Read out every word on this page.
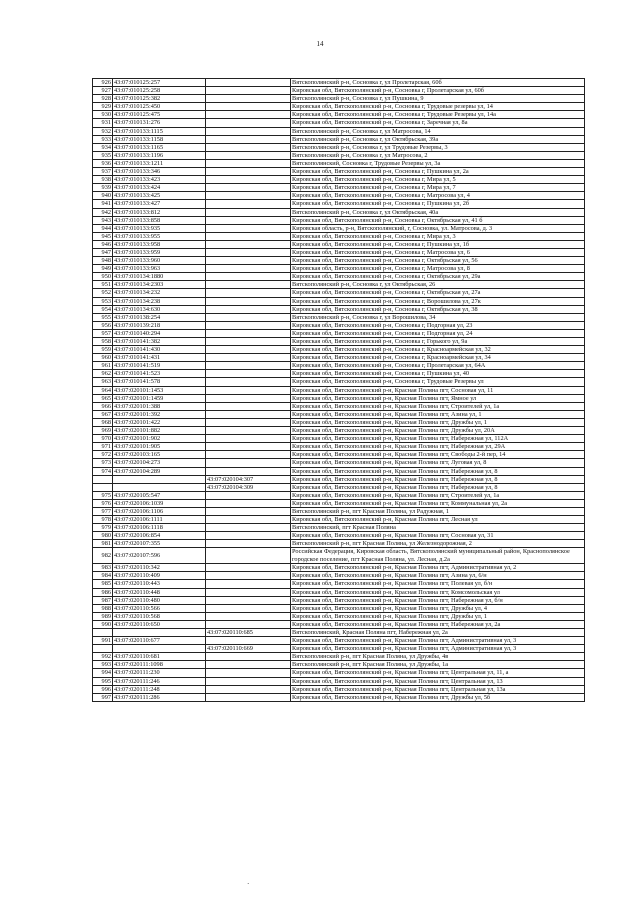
14
926	43:07:010125:257		Вятскополянский р-н, Сосновка г, ул Пролетарская, 60б
927	43:07:010125:258		Кировская обл, Вятскополянский р-н, Сосновка г, Пролетарская ул, 60б
928	43:07:010125:382		Вятскополянский р-н, Сосновка г, ул Пушкина, 9
929	43:07:010125:450		Кировская обл, Вятскополянский р-н, Сосновка г, Трудовые резервы ул, 14
930	43:07:010125:475		Кировская обл, Вятскополянский р-н, Сосновка г, Трудовые Резервы ул, 14а
931	43:07:010131:276		Кировская обл, Вятскополянский р-н, Сосновка г, Заречная ул, 8а
932	43:07:010133:1115		Вятскополянский р-н, Сосновка г, ул Матросова, 14
933	43:07:010133:1158		Вятскополянский р-н, Сосновка г, ул Октябрьская, 39а
934	43:07:010133:1165		Вятскополянский р-н, Сосновка г, ул Трудовые Резервы, 3
935	43:07:010133:1196		Вятскополянский р-н, Сосновка г, ул Матросова, 2
936	43:07:010133:1211		Вятскополянский, Сосновка г, Трудовые Резервы ул, 3а
937	43:07:010133:346		Кировская обл, Вятскополянский р-н, Сосновка г, Пушкина ул, 2а
938	43:07:010133:423		Кировская обл, Вятскополянский р-н, Сосновка г, Мира ул, 5
939	43:07:010133:424		Кировская обл, Вятскополянский р-н, Сосновка г, Мира ул, 7
940	43:07:010133:425		Кировская обл, Вятскополянский р-н, Сосновка г, Матросова ул, 4
941	43:07:010133:427		Кировская обл, Вятскополянский р-н, Сосновка г, Пушкина ул, 2б
942	43:07:010133:812		Вятскополянский р-н, Сосновка г, ул Октябрьская, 40а
943	43:07:010133:858		Кировская обл, Вятскополянский р-н, Сосновка г, Октябрьская ул, 41 б
944	43:07:010133:935		Кировская область, р-н, Вятскополянский, г, Сосновка, ул. Матросова, д. 3
945	43:07:010133:955		Кировская обл, Вятскополянский р-н, Сосновка г, Мира ул, 3
946	43:07:010133:958		Кировская обл, Вятскополянский р-н, Сосновка г, Пушкина ул, 1б
947	43:07:010133:959		Кировская обл, Вятскополянский р-н, Сосновка г, Матросова ул, 6
948	43:07:010133:960		Кировская обл, Вятскополянский р-н, Сосновка г, Октябрьская ул, 56
949	43:07:010133:963		Кировская обл, Вятскополянский р-н, Сосновка г, Матросова ул, 8
950	43:07:010134:1880		Кировская обл, Вятскополянский р-н, Сосновка г, Октябрьская ул, 29а
951	43:07:010134:2303		Вятскополянский р-н, Сосновка г, ул Октябрьская, 26
952	43:07:010134:232		Кировская обл, Вятскополянский р-н, Сосновка г, Октябрьская ул, 27а
953	43:07:010134:238		Кировская обл, Вятскополянский р-н, Сосновка г, Ворошилова ул, 27к
954	43:07:010134:630		Кировская обл, Вятскополянский р-н, Сосновка г, Октябрьская ул, 38
955	43:07:010138:254		Вятскополянский р-н, Сосновка г, ул Ворошилова, 34
956	43:07:010139:218		Кировская обл, Вятскополянский р-н, Сосновка г, Подгорная ул, 23
957	43:07:010140:294		Кировская обл, Вятскополянский р-н, Сосновка г, Подгорная ул, 24
958	43:07:010141:382		Кировская обл, Вятскополянский р-н, Сосновка г, Горького ул, 9а
959	43:07:010141:430		Кировская обл, Вятскополянский р-н, Сосновка г, Красноармейская ул, 32
960	43:07:010141:431		Кировская обл, Вятскополянский р-н, Сосновка г, Красноармейская ул, 34
961	43:07:010141:519		Кировская обл, Вятскополянский р-н, Сосновка г, Пролетарская ул, 64А
962	43:07:010141:523		Кировская обл, Вятскополянский р-н, Сосновка г, Пушкина ул, 40
963	43:07:010141:578		Кировская обл, Вятскополянский р-н, Сосновка г, Трудовые Резервы ул
964	43:07:020101:1453		Кировская обл, Вятскополянский р-н, Красная Поляна пгт, Сосновая ул, 11
965	43:07:020101:1459		Кировская обл, Вятскополянский р-н, Красная Поляна пгт, Ямное ул
966	43:07:020101:388		Кировская обл, Вятскополянский р-н, Красная Поляна пгт, Строителей ул, 1а
967	43:07:020101:392		Кировская обл, Вятскополянский р-н, Красная Поляна пгт, Азина ул, 1
968	43:07:020101:422		Кировская обл, Вятскополянский р-н, Красная Поляна пгт, Дружбы ул, 1
969	43:07:020101:882		Кировская обл, Вятскополянский р-н, Красная Поляна пгт, Дружбы ул, 20А
970	43:07:020101:902		Кировская обл, Вятскополянский р-н, Красная Поляна пгт, Набережная ул, 112А
971	43:07:020101:905		Кировская обл, Вятскополянский р-н, Красная Поляна пгт, Набережная ул, 29А
972	43:07:020103:165		Кировская обл, Вятскополянский р-н, Красная Поляна пгт, Свободы 2-й пер, 14
973	43:07:020104:273		Кировская обл, Вятскополянский р-н, Красная Поляна пгт, Луговая ул, 8
974	43:07:020104:289		Кировская обл, Вятскополянский р-н, Красная Поляна пгт, Набережная ул, 8
		43:07:020104:307	Кировская обл, Вятскополянский р-н, Красная Поляна пгт, Набережная ул, 8
		43:07:020104:309	Кировская обл, Вятскополянский р-н, Красная Поляна пгт, Набережная ул, 8
975	43:07:020105:547		Кировская обл, Вятскополянский р-н, Красная Поляна пгт, Строителей ул, 1а
976	43:07:020106:1039		Кировская обл, Вятскополянский р-н, Красная Поляна пгт, Коммунальная ул, 2а
977	43:07:020106:1106		Вятскополянский р-н, пгт Красная Поляна, ул Радужная, 1
978	43:07:020106:1111		Кировская обл, Вятскополянский р-н, Красная Поляна пгт, Лесная ул
979	43:07:020106:1118		Вятскополянский, пгт Красная Поляна
980	43:07:020106:854		Кировская обл, Вятскополянский р-н, Красная Поляна пгт, Сосновая ул, 31
981	43:07:020107:355		Вятскополянский р-н, пгт Красная Поляна, ул Железнодорожная, 2
982	43:07:020107:596		Российская Федерация, Кировская область, Вятскополянский муниципальный район, Краснополянское городское поселение, пгт Красная Поляна, ул. Лесная, д.2а
983	43:07:020110:342		Кировская обл, Вятскополянский р-н, Красная Поляна пгт, Административная ул, 2
984	43:07:020110:409		Кировская обл, Вятскополянский р-н, Красная Поляна пгт, Азина ул, 6/н
985	43:07:020110:443		Кировская обл, Вятскополянский р-н, Красная Поляна пгт, Полевая ул, б/н
986	43:07:020110:448		Кировская обл, Вятскополянский р-н, Красная Поляна пгт, Комсомольская ул
987	43:07:020110:480		Кировская обл, Вятскополянский р-н, Красная Поляна пгт, Набережная ул, б/н
988	43:07:020110:566		Кировская обл, Вятскополянский р-н, Красная Поляна пгт, Дружбы ул, 4
989	43:07:020110:568		Кировская обл, Вятскополянский р-н, Красная Поляна пгт, Дружбы ул, 1
990	43:07:020110:650		Кировская обл, Вятскополянский р-н, Красная Поляна пгт, Набережная ул, 2а
		43:07:020110:685	Вятскополянский, Красная Поляна пгт, Набережная ул, 2а
991	43:07:020110:677		Кировская обл, Вятскополянский р-н, Красная Поляна пгт, Административная ул, 3
		43:07:020110:669	Кировская обл, Вятскополянский р-н, Красная Поляна пгт, Административная ул, 3
992	43:07:020110:681		Вятскополянский р-н, пгт Красная Поляна, ул Дружбы, 4в
993	43:07:020111:1098		Вятскополянский р-н, пгт Красная Поляна, ул Дружбы, 1а
994	43:07:020111:230		Кировская обл, Вятскополянский р-н, Красная Поляна пгт, Центральная ул, 11, а
995	43:07:020111:246		Кировская обл, Вятскополянский р-н, Красная Поляна пгт, Центральная ул, 13
996	43:07:020111:248		Кировская обл, Вятскополянский р-н, Красная Поляна пгт, Центральная ул, 13а
997	43:07:020111:286		Кировская обл, Вятскополянский р-н, Красная Поляна пгт, Дружбы ул, 5б
·
